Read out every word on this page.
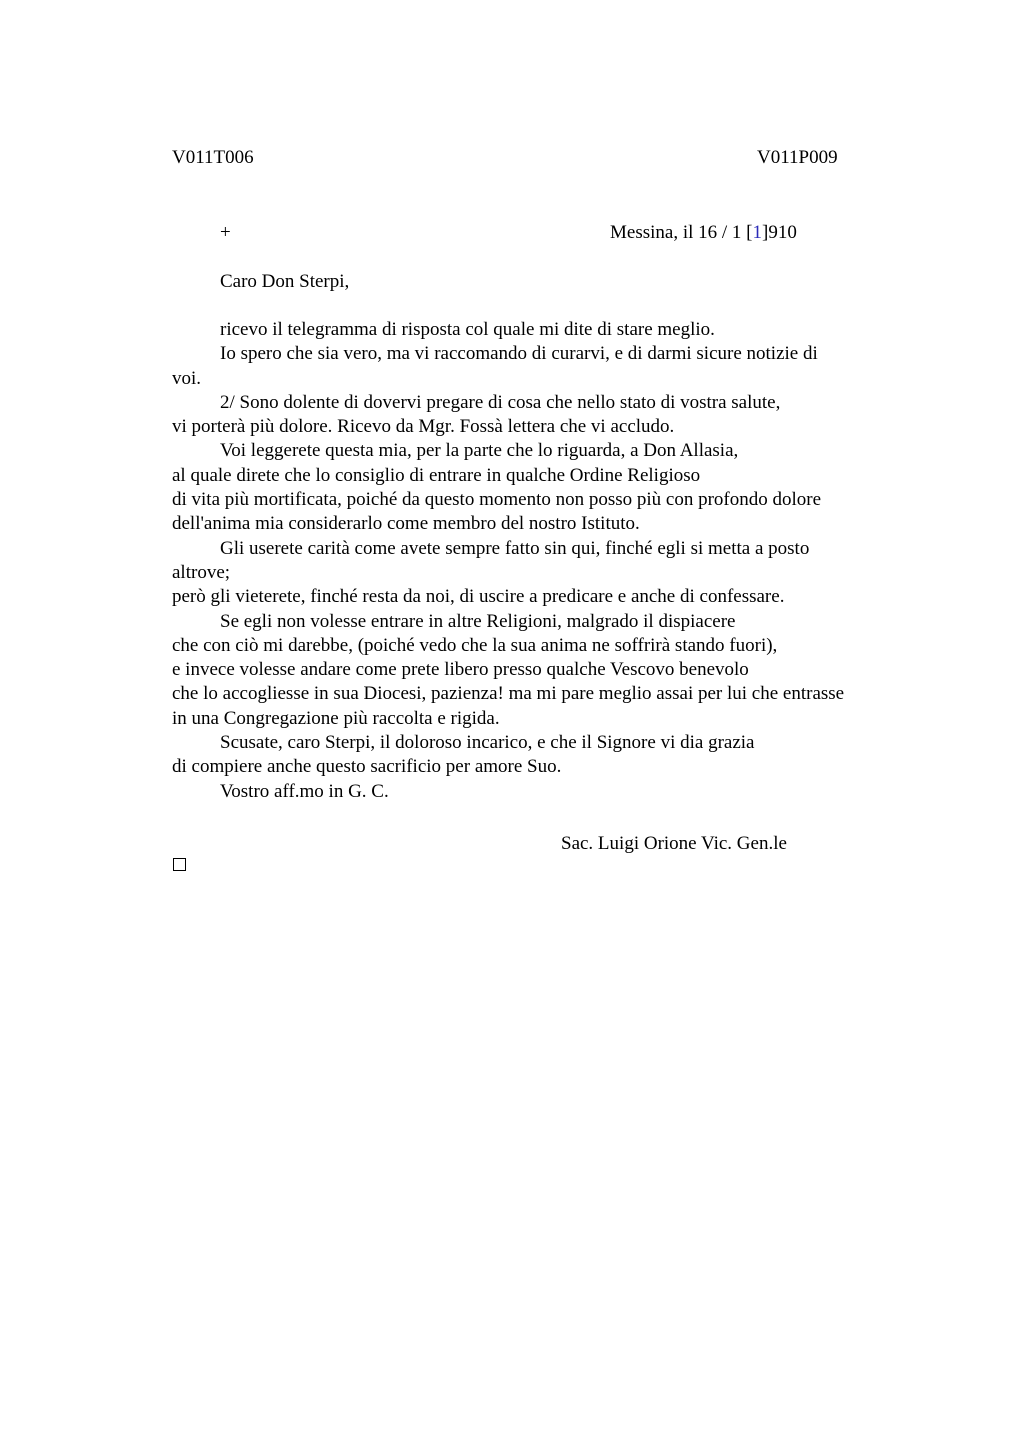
V011T006	V011P009
+	Messina, il 16 / 1 [1]910
Caro Don Sterpi,
ricevo il telegramma di risposta col quale mi dite di stare meglio.
Io spero che sia vero, ma vi raccomando di curarvi, e di darmi sicure notizie di
voi.
2/ Sono dolente di dovervi pregare di cosa che nello stato di vostra salute,
vi porterà più dolore. Ricevo da Mgr. Fossà lettera che vi accludo.
Voi leggerete questa mia, per la parte che lo riguarda, a Don Allasia,
al quale direte che lo consiglio di entrare in qualche Ordine Religioso
di vita più mortificata, poiché da questo momento non posso più con profondo dolore
dell'anima mia considerarlo come membro del nostro Istituto.
Gli userete carità come avete sempre fatto sin qui, finché egli si metta a posto
altrove;
però gli vieterete, finché resta da noi, di uscire a predicare e anche di confessare.
Se egli non volesse entrare in altre Religioni, malgrado il dispiacere
che con ciò mi darebbe, (poiché vedo che la sua anima ne soffrirà stando fuori),
e invece volesse andare come prete libero presso qualche Vescovo benevolo
che lo accogliesse in sua Diocesi, pazienza! ma mi pare meglio assai per lui che entrasse
in una Congregazione più raccolta e rigida.
Scusate, caro Sterpi, il doloroso incarico, e che il Signore vi dia grazia
di compiere anche questo sacrificio per amore Suo.
Vostro aff.mo in G. C.
Sac. Luigi Orione Vic. Gen.le
